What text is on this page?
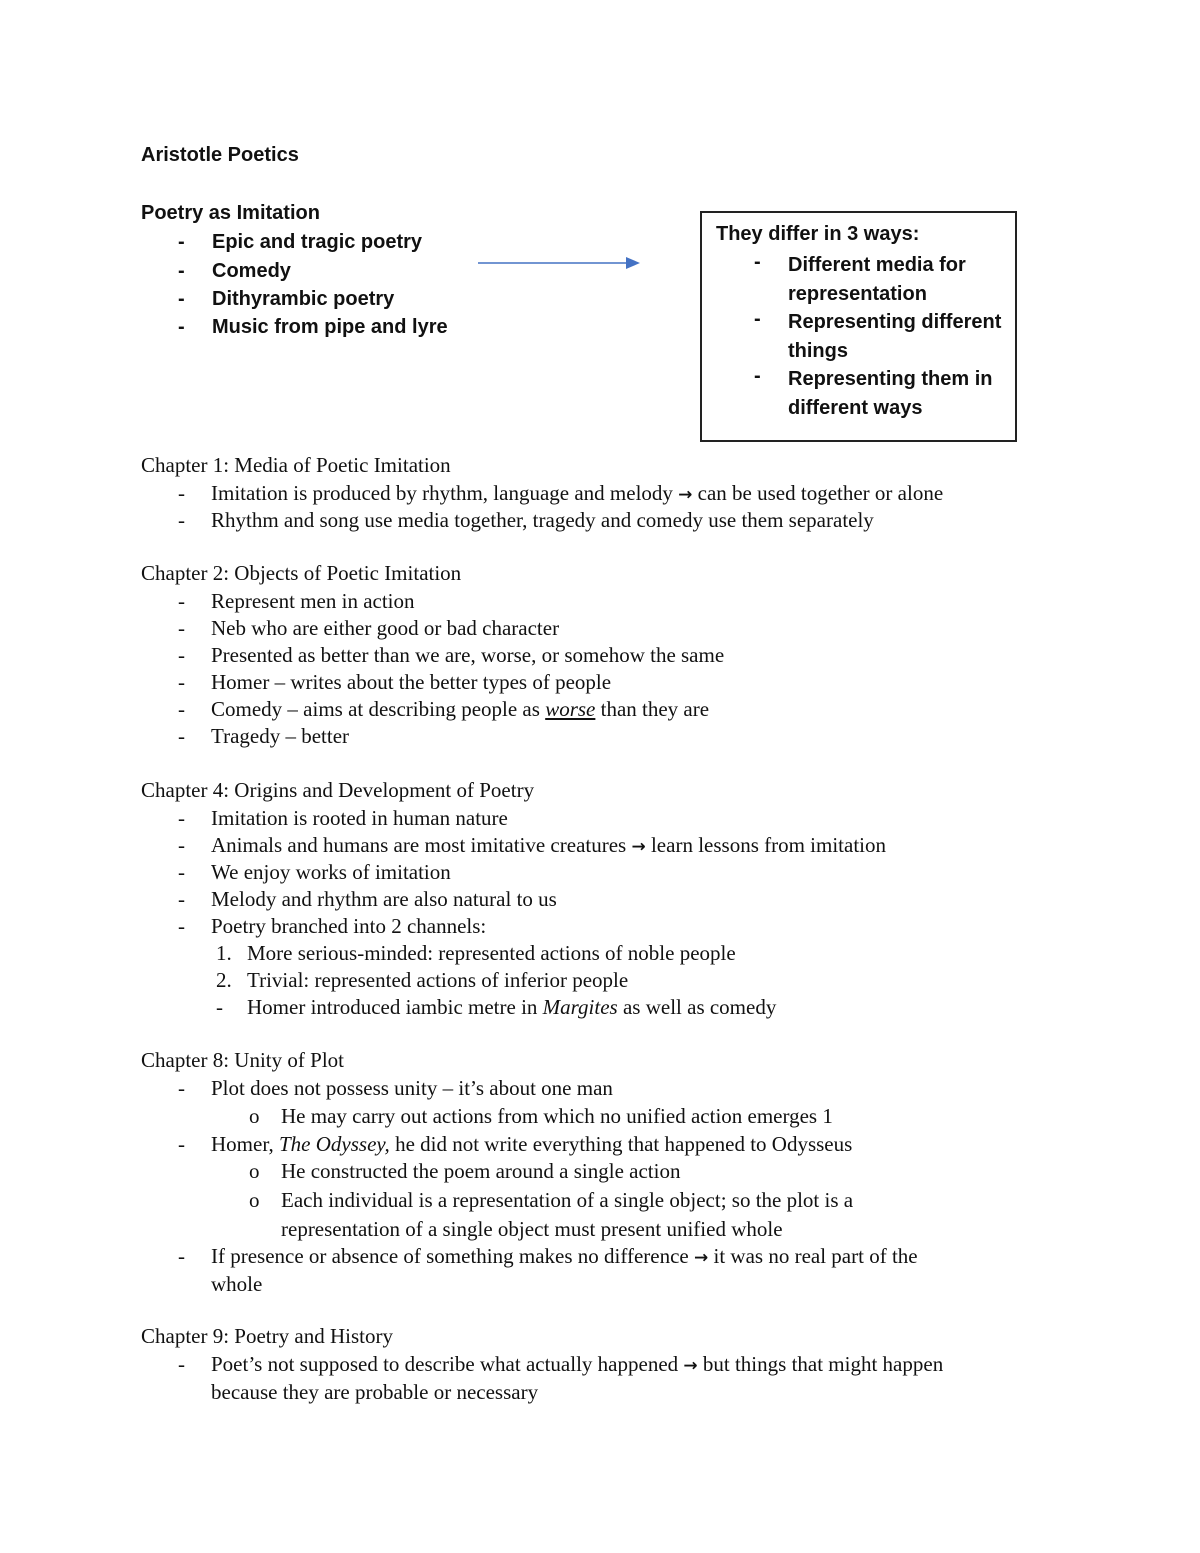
Aristotle Poetics
Poetry as Imitation
- Epic and tragic poetry
- Comedy
- Dithyrambic poetry
- Music from pipe and lyre
They differ in 3 ways:
- Different media for representation
- Representing different things
- Representing them in different ways
Chapter 1: Media of Poetic Imitation
- Imitation is produced by rhythm, language and melody → can be used together or alone
- Rhythm and song use media together, tragedy and comedy use them separately
Chapter 2: Objects of Poetic Imitation
- Represent men in action
- Neb who are either good or bad character
- Presented as better than we are, worse, or somehow the same
- Homer – writes about the better types of people
- Comedy – aims at describing people as worse than they are
- Tragedy – better
Chapter 4: Origins and Development of Poetry
- Imitation is rooted in human nature
- Animals and humans are most imitative creatures → learn lessons from imitation
- We enjoy works of imitation
- Melody and rhythm are also natural to us
- Poetry branched into 2 channels:
1. More serious-minded: represented actions of noble people
2. Trivial: represented actions of inferior people
- Homer introduced iambic metre in Margites as well as comedy
Chapter 8: Unity of Plot
- Plot does not possess unity – it’s about one man
o He may carry out actions from which no unified action emerges 1
- Homer, The Odyssey, he did not write everything that happened to Odysseus
o He constructed the poem around a single action
o Each individual is a representation of a single object; so the plot is a
representation of a single object must present unified whole
- If presence or absence of something makes no difference → it was no real part of the
whole
Chapter 9: Poetry and History
- Poet’s not supposed to describe what actually happened → but things that might happen
because they are probable or necessary
